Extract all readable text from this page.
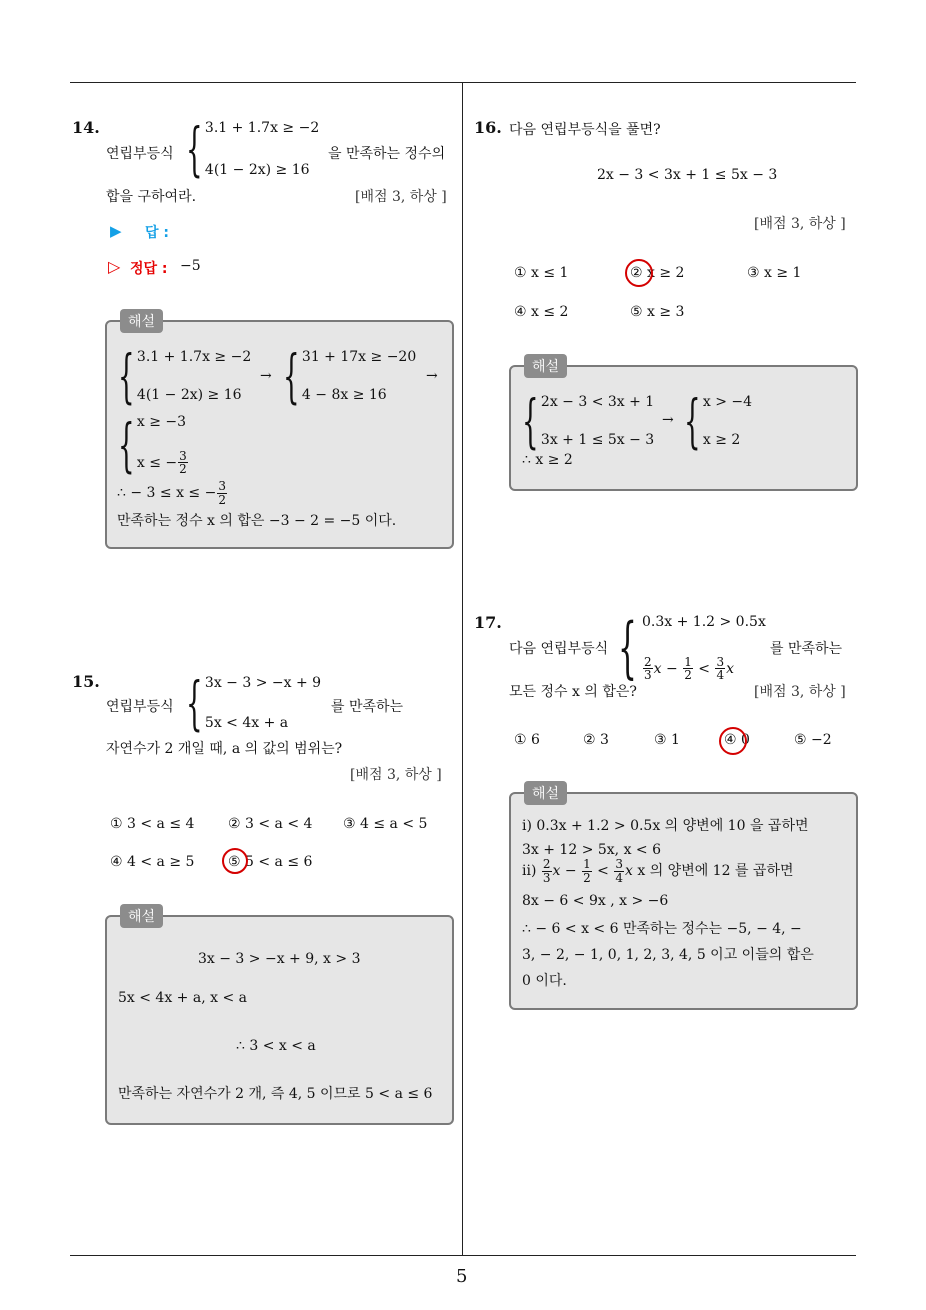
5
14.
연립부등식 { 3.1 + 1.7x ≥ −2
4(1 − 2x) ≥ 16
을 만족하는 정수의
합을 구하여라.	[배점 3, 하상 ]
▶ 답 :
▷ 정답 : −5
해설
{ 3.1 + 1.7x ≥ −2
4(1 − 2x) ≥ 16
→ { 31 + 17x ≥ −20
4 − 8x ≥ 16
→
{ x ≥ −3
x ≤ − $\frac{3}{2}$
∴ − 3 ≤ x ≤ − $\frac{3}{2}$
만족하는 정수 x 의 합은 −3 − 2 = −5 이다.
15.
연립부등식 { 3x − 3 > −x + 9
5x < 4x + a
를 만족하는
자연수가 2 개일 때, a 의 값의 범위는?
[배점 3, 하상 ]
① 3 < a ≤ 4 ② 3 < a < 4 ③ 4 ≤ a < 5
④ 4 < a ≥ 5 ⑤ 5 < a ≤ 6
해설
3x − 3 > −x + 9, x > 3
5x < 4x + a, x < a
∴ 3 < x < a
만족하는 자연수가 2 개, 즉 4, 5 이므로 5 < a ≤ 6
16. 다음 연립부등식을 풀면?
2x − 3 < 3x + 1 ≤ 5x − 3
[배점 3, 하상 ]
① x ≤ 1	② x ≥ 2	③ x ≥ 1
④ x ≤ 2	⑤ x ≥ 3
해설
{ 2x − 3 < 3x + 1
3x + 1 ≤ 5x − 3
→ { x > −4
x ≥ 2
∴ x ≥ 2
17.
다음 연립부등식 { 0.3x + 1.2 > 0.5x
$\frac{2}{3}$ $x - \frac{1}{2} < \frac{3}{4}$ x
를 만족하는
모든 정수 x 의 합은?	[배점 3, 하상 ]
① 6	② 3	③ 1	④ 0	⑤ −2
해설
i) 0.3x + 1.2 > 0.5x 의 양변에 10 을 곱하면
3x + 12 > 5x, x < 6
$ii) \frac{2}{3}$ $x - \frac{1}{2} < \frac{3}{4}$ x x 의 양변에 12 를 곱하면
8x − 6 < 9x , x > −6
∴ − 6 < x < 6 만족하는 정수는 −5, − 4, −
3, − 2, − 1, 0, 1, 2, 3, 4, 5 이고 이들의 합은
0 이다.
